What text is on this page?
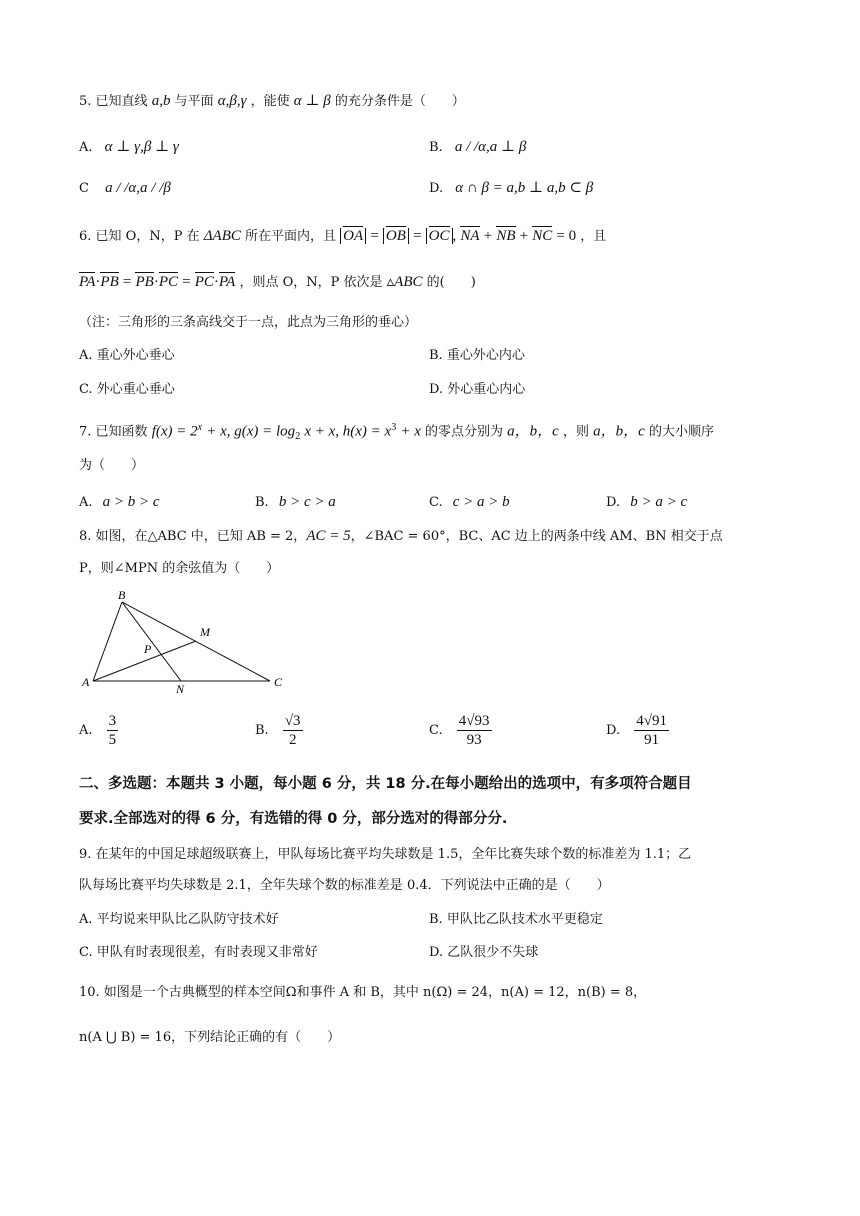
5. 已知直线 a,b 与平面 α,β,γ ，能使 α ⊥ β 的充分条件是（　　）
A. α ⊥ γ,β ⊥ γ	B. a / /α,a ⊥ β
C a / /α,a / /β	D. α ∩ β = a,b ⊥ a,b ⊂ β
6. 已知 O，N，P 在 ΔABC 所在平面内，且 OA = OB = OC , NA + NB + NC = 0 ，且
PA·PB = PB·PC = PC·PA ，则点 O，N，P 依次是 ▵ABC 的(　　)
（注：三角形的三条高线交于一点，此点为三角形的垂心）
A. 重心外心垂心	B. 重心外心内心
C. 外心重心垂心	D. 外心重心内心
7. 已知函数 $f(x) = 2^x + x$, $g(x) = \log_2 x + x$, $h(x) = x^3 + x$ 的零点分别为 a，b，c ，则 a，b，c 的大小顺序
为（　　）
A. a > b > c	B. b > c > a	C. c > a > b	D. b > a > c
8. 如图，在△ABC 中，已知 AB = 2，AC = 5，∠BAC = 60°，BC、AC 边上的两条中线 AM、BN 相交于点
P，则∠MPN 的余弦值为（　　）
B
M
P
A	N	C
A. $\frac{3}{5}$	B. $\frac{√3}{2}$	C. $\frac{4√93}{93}$	D. $\frac{4√91}{91}$
二、多选题：本题共 3 小题，每小题 6 分，共 18 分.在每小题给出的选项中，有多项符合题目
要求.全部选对的得 6 分，有选错的得 0 分，部分选对的得部分分.
9. 在某年的中国足球超级联赛上，甲队每场比赛平均失球数是 1.5，全年比赛失球个数的标准差为 1.1；乙
队每场比赛平均失球数是 2.1，全年失球个数的标准差是 0.4．下列说法中正确的是（　　）
A. 平均说来甲队比乙队防守技术好	B. 甲队比乙队技术水平更稳定
C. 甲队有时表现很差，有时表现又非常好	D. 乙队很少不失球
10. 如图是一个古典概型的样本空间Ω和事件 A 和 B，其中 n(Ω) = 24，n(A) = 12，n(B) = 8，
n(A ⋃ B) = 16，下列结论正确的有（　　）
